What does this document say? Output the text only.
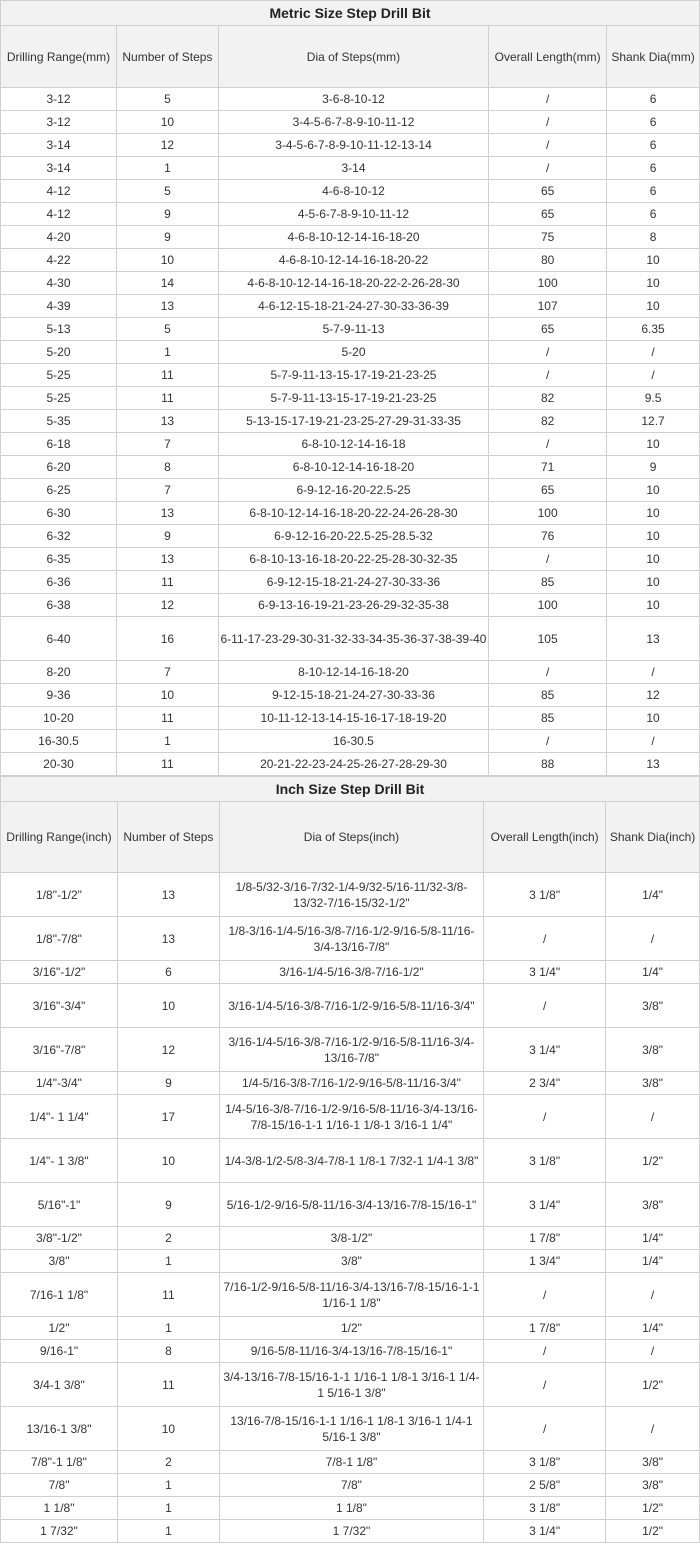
Metric Size Step Drill Bit				
Drilling Range(mm)	Number of Steps	Dia of Steps(mm)	Overall Length(mm)	Shank Dia(mm)
3-12	5	3-6-8-10-12	/	6
3-12	10	3-4-5-6-7-8-9-10-11-12	/	6
3-14	12	3-4-5-6-7-8-9-10-11-12-13-14	/	6
3-14	1	3-14	/	6
4-12	5	4-6-8-10-12	65	6
4-12	9	4-5-6-7-8-9-10-11-12	65	6
4-20	9	4-6-8-10-12-14-16-18-20	75	8
4-22	10	4-6-8-10-12-14-16-18-20-22	80	10
4-30	14	4-6-8-10-12-14-16-18-20-22-2-26-28-30	100	10
4-39	13	4-6-12-15-18-21-24-27-30-33-36-39	107	10
5-13	5	5-7-9-11-13	65	6.35
5-20	1	5-20	/	/
5-25	11	5-7-9-11-13-15-17-19-21-23-25	/	/
5-25	11	5-7-9-11-13-15-17-19-21-23-25	82	9.5
5-35	13	5-13-15-17-19-21-23-25-27-29-31-33-35	82	12.7
6-18	7	6-8-10-12-14-16-18	/	10
6-20	8	6-8-10-12-14-16-18-20	71	9
6-25	7	6-9-12-16-20-22.5-25	65	10
6-30	13	6-8-10-12-14-16-18-20-22-24-26-28-30	100	10
6-32	9	6-9-12-16-20-22.5-25-28.5-32	76	10
6-35	13	6-8-10-13-16-18-20-22-25-28-30-32-35	/	10
6-36	11	6-9-12-15-18-21-24-27-30-33-36	85	10
6-38	12	6-9-13-16-19-21-23-26-29-32-35-38	100	10
6-40	16	6-11-17-23-29-30-31-32-33-34-35-36-37-38-39-40	105	13
8-20	7	8-10-12-14-16-18-20	/	/
9-36	10	9-12-15-18-21-24-27-30-33-36	85	12
10-20	11	10-11-12-13-14-15-16-17-18-19-20	85	10
16-30.5	1	16-30.5	/	/
20-30	11	20-21-22-23-24-25-26-27-28-29-30	88	13
Inch Size Step Drill Bit				
Drilling Range(inch)	Number of Steps	Dia of Steps(inch)	Overall Length(inch)	Shank Dia(inch)
1/8"-1/2"	13	1/8-5/32-3/16-7/32-1/4-9/32-5/16-11/32-3/8-13/32-7/16-15/32-1/2"	3 1/8"	1/4"
1/8"-7/8"	13	1/8-3/16-1/4-5/16-3/8-7/16-1/2-9/16-5/8-11/16-3/4-13/16-7/8"	/	/
3/16"-1/2"	6	3/16-1/4-5/16-3/8-7/16-1/2"	3 1/4"	1/4"
3/16"-3/4"	10	3/16-1/4-5/16-3/8-7/16-1/2-9/16-5/8-11/16-3/4"	/	3/8"
3/16"-7/8"	12	3/16-1/4-5/16-3/8-7/16-1/2-9/16-5/8-11/16-3/4-13/16-7/8"	3 1/4"	3/8"
1/4"-3/4"	9	1/4-5/16-3/8-7/16-1/2-9/16-5/8-11/16-3/4"	2 3/4"	3/8"
1/4"- 1 1/4"	17	1/4-5/16-3/8-7/16-1/2-9/16-5/8-11/16-3/4-13/16-7/8-15/16-1-1 1/16-1 1/8-1 3/16-1 1/4"	/	/
1/4"- 1 3/8"	10	1/4-3/8-1/2-5/8-3/4-7/8-1 1/8-1 7/32-1 1/4-1 3/8"	3 1/8"	1/2"
5/16"-1"	9	5/16-1/2-9/16-5/8-11/16-3/4-13/16-7/8-15/16-1"	3 1/4"	3/8"
3/8"-1/2"	2	3/8-1/2"	1 7/8"	1/4"
3/8"	1	3/8"	1 3/4"	1/4"
7/16-1 1/8"	11	7/16-1/2-9/16-5/8-11/16-3/4-13/16-7/8-15/16-1-1 1/16-1 1/8"	/	/
1/2"	1	1/2"	1 7/8"	1/4"
9/16-1"	8	9/16-5/8-11/16-3/4-13/16-7/8-15/16-1"	/	/
3/4-1 3/8"	11	3/4-13/16-7/8-15/16-1-1 1/16-1 1/8-1 3/16-1 1/4-1 5/16-1 3/8"	/	1/2"
13/16-1 3/8"	10	13/16-7/8-15/16-1-1 1/16-1 1/8-1 3/16-1 1/4-1 5/16-1 3/8"	/	/
7/8"-1 1/8"	2	7/8-1 1/8"	3 1/8"	3/8"
7/8"	1	7/8"	2 5/8"	3/8"
1 1/8"	1	1 1/8"	3 1/8"	1/2"
1 7/32"	1	1 7/32"	3 1/4"	1/2"
